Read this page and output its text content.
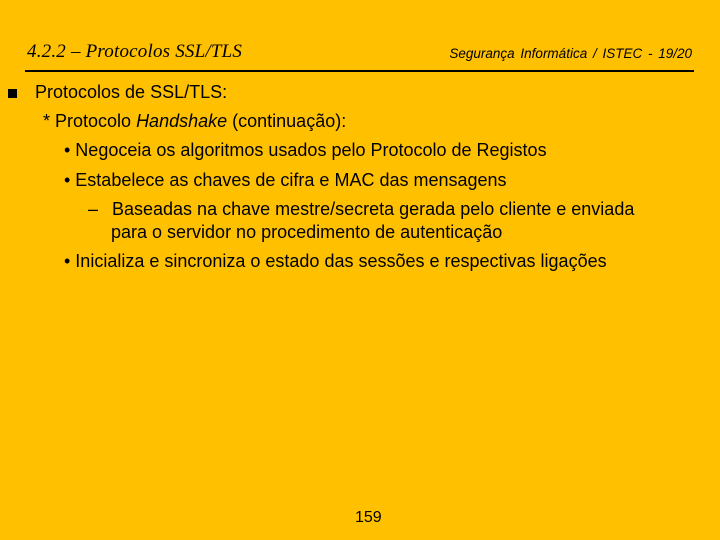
4.2.2 – Protocolos SSL/TLS	Segurança Informática / ISTEC - 19/20
Protocolos de SSL/TLS:
* Protocolo Handshake (continuação):
• Negoceia os algoritmos usados pelo Protocolo de Registos
• Estabelece as chaves de cifra e MAC das mensagens
– Baseadas na chave mestre/secreta gerada pelo cliente e enviada
para o servidor no procedimento de autenticação
• Inicializa e sincroniza o estado das sessões e respectivas ligações
159
